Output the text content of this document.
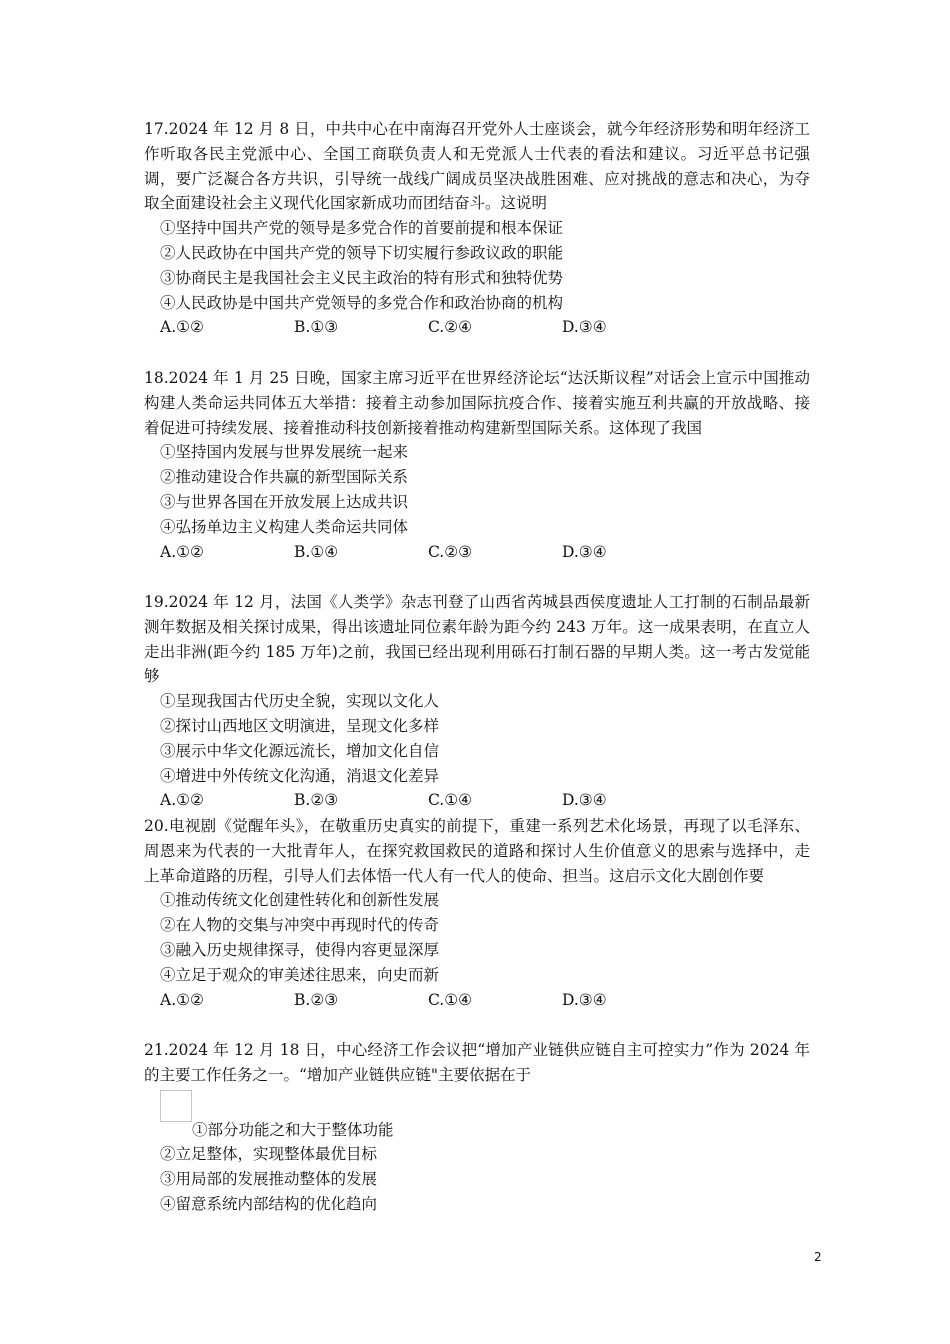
17.2024 年 12 月 8 日，中共中心在中南海召开党外人士座谈会，就今年经济形势和明年经济工作听取各民主党派中心、全国工商联负责人和无党派人士代表的看法和建议。习近平总书记强调，要广泛凝合各方共识，引导统一战线广阔成员坚决战胜困难、应对挑战的意志和决心，为夺取全面建设社会主义现代化国家新成功而团结奋斗。这说明
①坚持中国共产党的领导是多党合作的首要前提和根本保证
②人民政协在中国共产党的领导下切实履行参政议政的职能
③协商民主是我国社会主义民主政治的特有形式和独特优势
④人民政协是中国共产党领导的多党合作和政治协商的机构
A.①②	B.①③	C.②④	D.③④
18.2024 年 1 月 25 日晚，国家主席习近平在世界经济论坛“达沃斯议程”对话会上宣示中国推动构建人类命运共同体五大举措：接着主动参加国际抗疫合作、接着实施互利共赢的开放战略、接着促进可持续发展、接着推动科技创新接着推动构建新型国际关系。这体现了我国
①坚持国内发展与世界发展统一起来
②推动建设合作共赢的新型国际关系
③与世界各国在开放发展上达成共识
④弘扬单边主义构建人类命运共同体
A.①②	B.①④	C.②③	D.③④
19.2024 年 12 月，法国《人类学》杂志刊登了山西省芮城县西侯度遗址人工打制的石制品最新测年数据及相关探讨成果，得出该遗址同位素年龄为距今约 243 万年。这一成果表明，在直立人走出非洲(距今约 185 万年)之前，我国已经出现利用砾石打制石器的早期人类。这一考古发觉能够
①呈现我国古代历史全貌，实现以文化人
②探讨山西地区文明演进，呈现文化多样
③展示中华文化源远流长，增加文化自信
④增进中外传统文化沟通，消退文化差异
A.①②	B.②③	C.①④	D.③④
20.电视剧《觉醒年头》，在敬重历史真实的前提下，重建一系列艺术化场景，再现了以毛泽东、周恩来为代表的一大批青年人，在探究救国救民的道路和探讨人生价值意义的思索与选择中，走上革命道路的历程，引导人们去体悟一代人有一代人的使命、担当。这启示文化大剧创作要
①推动传统文化创建性转化和创新性发展
②在人物的交集与冲突中再现时代的传奇
③融入历史规律探寻，使得内容更显深厚
④立足于观众的审美述往思来，向史而新
A.①②	B.②③	C.①④	D.③④
21.2024 年 12 月 18 日，中心经济工作会议把“增加产业链供应链自主可控实力”作为 2024 年的主要工作任务之一。“增加产业链供应链"主要依据在于
①部分功能之和大于整体功能
②立足整体，实现整体最优目标
③用局部的发展推动整体的发展
④留意系统内部结构的优化趋向
2
